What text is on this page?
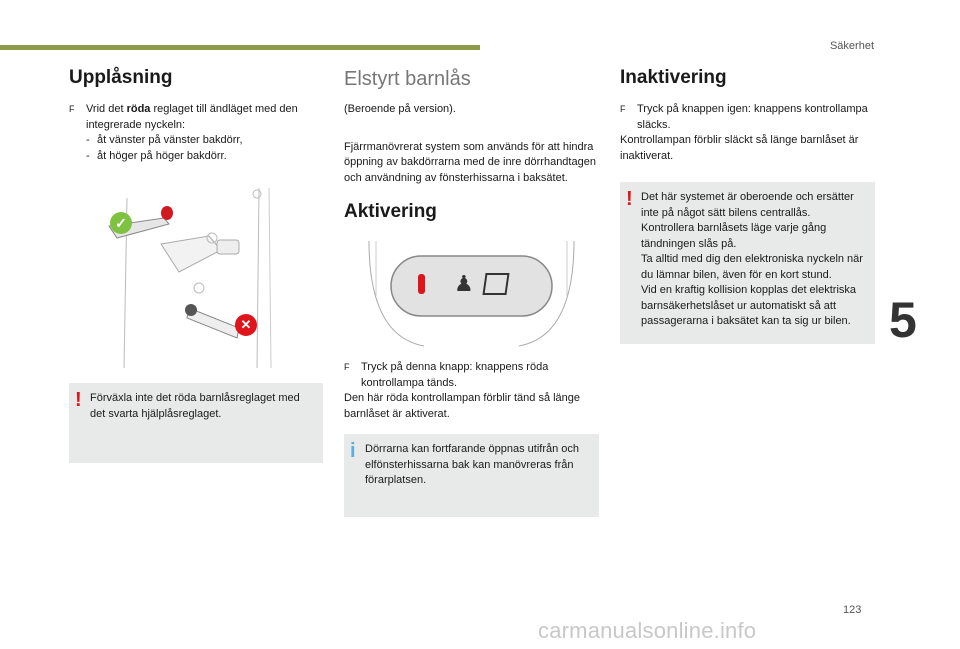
Säkerhet
5
Upplåsning
F	Vrid det röda reglaget till ändläget med den integrerade nyckeln:
- åt vänster på vänster bakdörr,
- åt höger på höger bakdörr.
✓
✕
! Förväxla inte det röda barnlåsreglaget med det svarta hjälplåsreglaget.
Elstyrt barnlås

(Beroende på version).

Fjärrmanövrerat system som används för att hindra öppning av bakdörrarna med de inre dörrhandtagen och användning av fönsterhissarna i baksätet.

Aktivering
♟
F	Tryck på denna knapp: knappens röda kontrollampa tänds.

Den här röda kontrollampan förblir tänd så länge barnlåset är aktiverat.

i Dörrarna kan fortfarande öppnas utifrån och elfönsterhissarna bak kan manövreras från förarplatsen.
Inaktivering
F	Tryck på knappen igen: knappens kontrollampa släcks.

Kontrollampan förblir släckt så länge barnlåset är inaktiverat.

! Det här systemet är oberoende och ersätter inte på något sätt bilens centrallås.
Kontrollera barnlåsets läge varje gång tändningen slås på.
Ta alltid med dig den elektroniska nyckeln när du lämnar bilen, även för en kort stund.
Vid en kraftig kollision kopplas det elektriska barnsäkerhetslåset ur automatiskt så att passagerarna i baksätet kan ta sig ur bilen.
123
carmanualsonline.info
